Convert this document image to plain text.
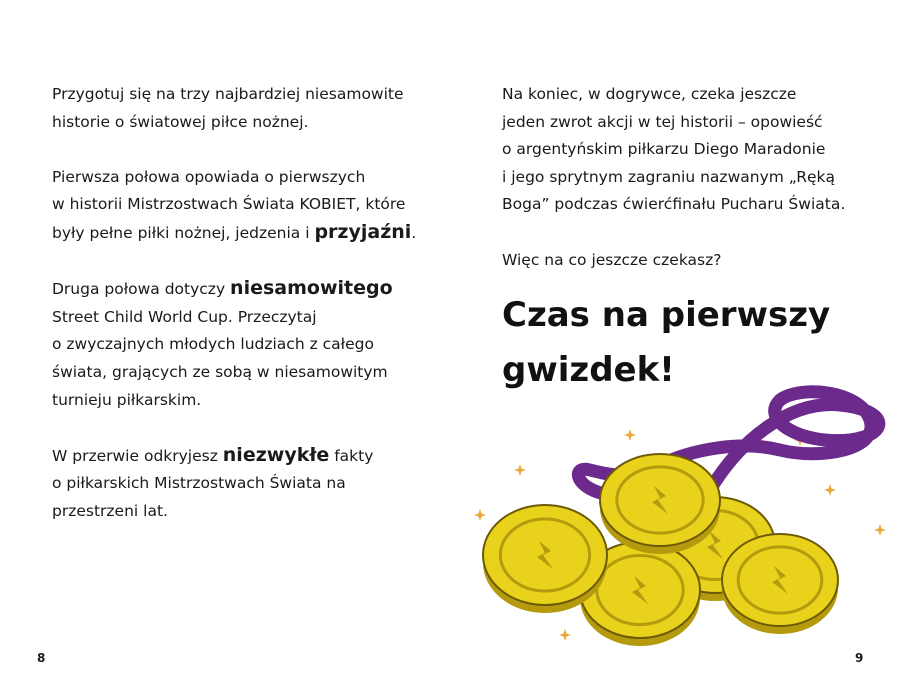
Przygotuj się na trzy najbardziej niesamowite
historie o światowej piłce nożnej.
Pierwsza połowa opowiada o pierwszych
w historii Mistrzostwach Świata KOBIET, które
były pełne piłki nożnej, jedzenia i przyjaźni.
Druga połowa dotyczy niesamowitego
Street Child World Cup. Przeczytaj
o zwyczajnych młodych ludziach z całego
świata, grających ze sobą w niesamowitym
turnieju piłkarskim.
W przerwie odkryjesz niezwykłe fakty
o piłkarskich Mistrzostwach Świata na
przestrzeni lat.
Na koniec, w dogrywce, czeka jeszcze
jeden zwrot akcji w tej historii – opowieść
o argentyńskim piłkarzu Diego Maradonie
i jego sprytnym zagraniu nazwanym „Ręką
Boga” podczas ćwierćfinału Pucharu Świata.
Więc na co jeszcze czekasz?
Czas na pierwszy
gwizdek!
8	9
